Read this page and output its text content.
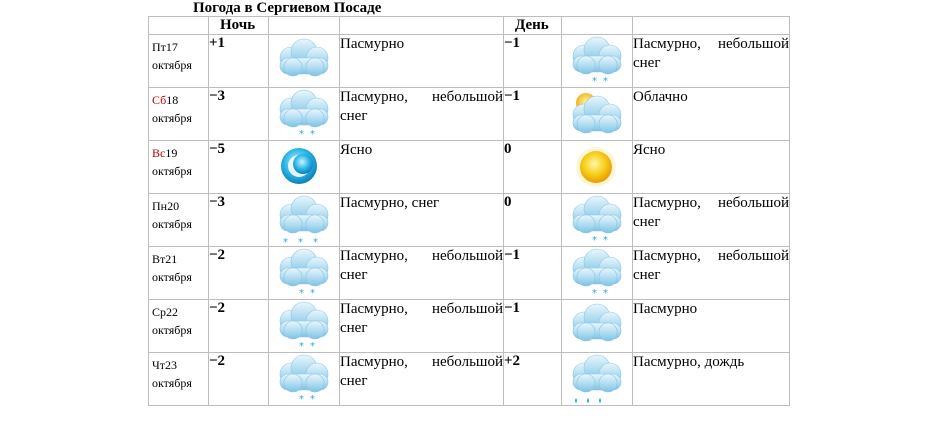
Погода в Сергиевом Посаде
	Ночь			День		

Пт17
октября	+1		Пасмурно	−1	* *	Пасмурно, небольшой снег

Сб18
октября	−3	* *	Пасмурно, небольшой снег	−1		Облачно

Вс19
октября	−5		Ясно	0		Ясно

Пн20
октября	−3	* * *	Пасмурно, снег	0	* *	Пасмурно, небольшой снег

Вт21
октября	−2	* *	Пасмурно, небольшой снег	−1	* *	Пасмурно, небольшой снег

Ср22
октября	−2	* *	Пасмурно, небольшой снег	−1		Пасмурно

Чт23
октября	−2	* *	Пасмурно, небольшой снег	+2		Пасмурно, дождь
